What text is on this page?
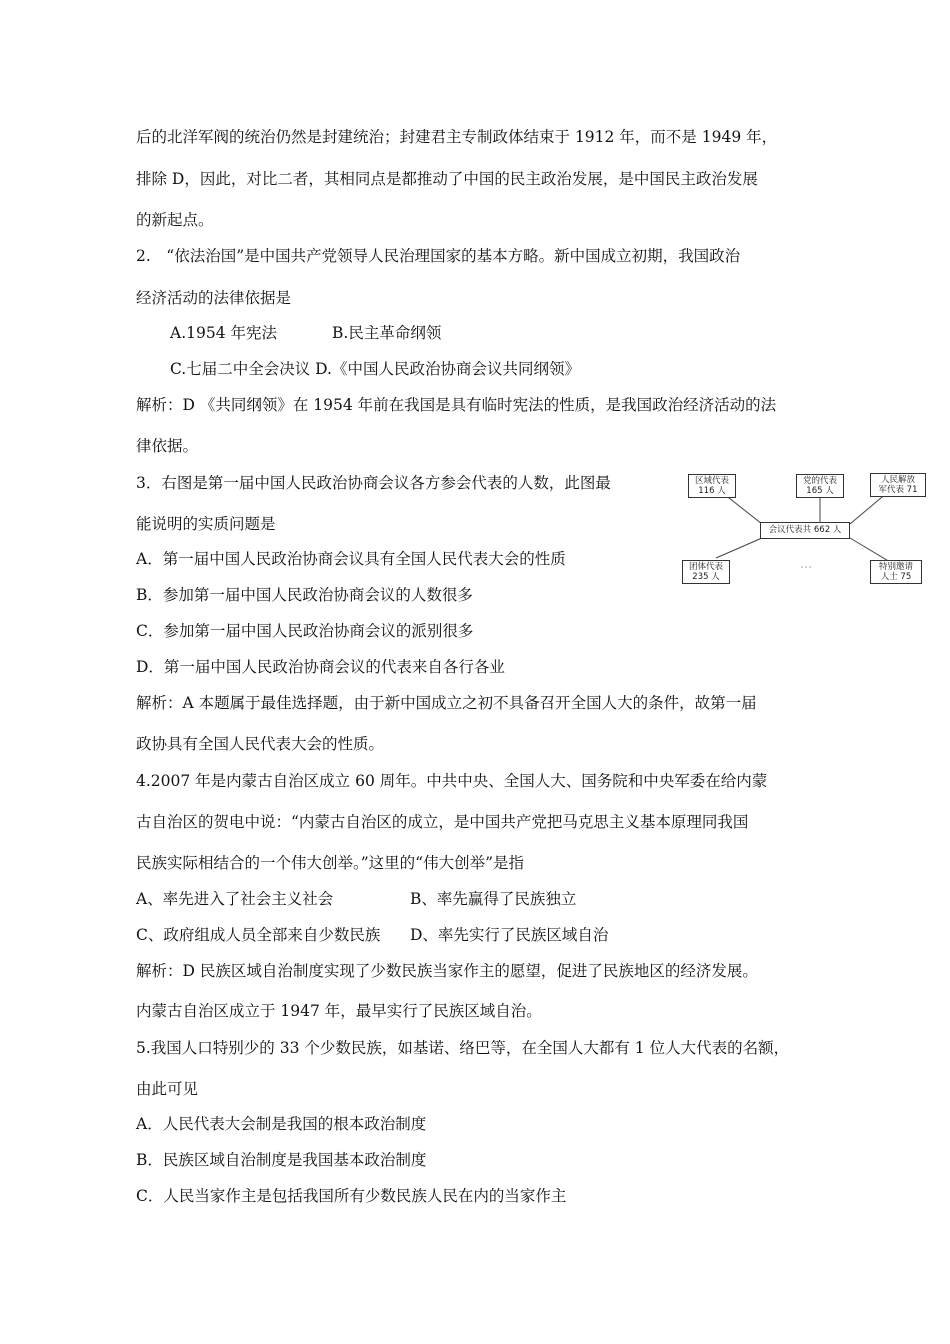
后的北洋军阀的统治仍然是封建统治；封建君主专制政体结束于 1912 年，而不是 1949 年，
排除 D，因此，对比二者，其相同点是都推动了中国的民主政治发展，是中国民主政治发展
的新起点。
2.　“依法治国”是中国共产党领导人民治理国家的基本方略。新中国成立初期，我国政治
经济活动的法律依据是
A.1954 年宪法	B.民主革命纲领
C.七届二中全会决议 D.《中国人民政治协商会议共同纲领》
解析：D 《共同纲领》在 1954 年前在我国是具有临时宪法的性质，是我国政治经济活动的法
律依据。
3．右图是第一届中国人民政治协商会议各方参会代表的人数，此图最
能说明的实质问题是
A．第一届中国人民政治协商会议具有全国人民代表大会的性质
B．参加第一届中国人民政治协商会议的人数很多
C．参加第一届中国人民政治协商会议的派别很多
D．第一届中国人民政治协商会议的代表来自各行各业
解析：A 本题属于最佳选择题，由于新中国成立之初不具备召开全国人大的条件，故第一届
政协具有全国人民代表大会的性质。
4.2007 年是内蒙古自治区成立 60 周年。中共中央、全国人大、国务院和中央军委在给内蒙
古自治区的贺电中说：“内蒙古自治区的成立，是中国共产党把马克思主义基本原理同我国
民族实际相结合的一个伟大创举。”这里的“伟大创举”是指
A、率先进入了社会主义社会	B、率先赢得了民族独立
C、政府组成人员全部来自少数民族 D、率先实行了民族区域自治
解析：D 民族区域自治制度实现了少数民族当家作主的愿望，促进了民族地区的经济发展。
内蒙古自治区成立于 1947 年，最早实行了民族区域自治。
5.我国人口特别少的 33 个少数民族，如基诺、络巴等，在全国人大都有 1 位人大代表的名额，
由此可见
A．人民代表大会制是我国的根本政治制度
B．民族区域自治制度是我国基本政治制度
C．人民当家作主是包括我国所有少数民族人民在内的当家作主
区域代表
116 人
党的代表
165 人
人民解放
军代表 71
会议代表共 662 人
团体代表
235 人
特别邀请
人士 75
